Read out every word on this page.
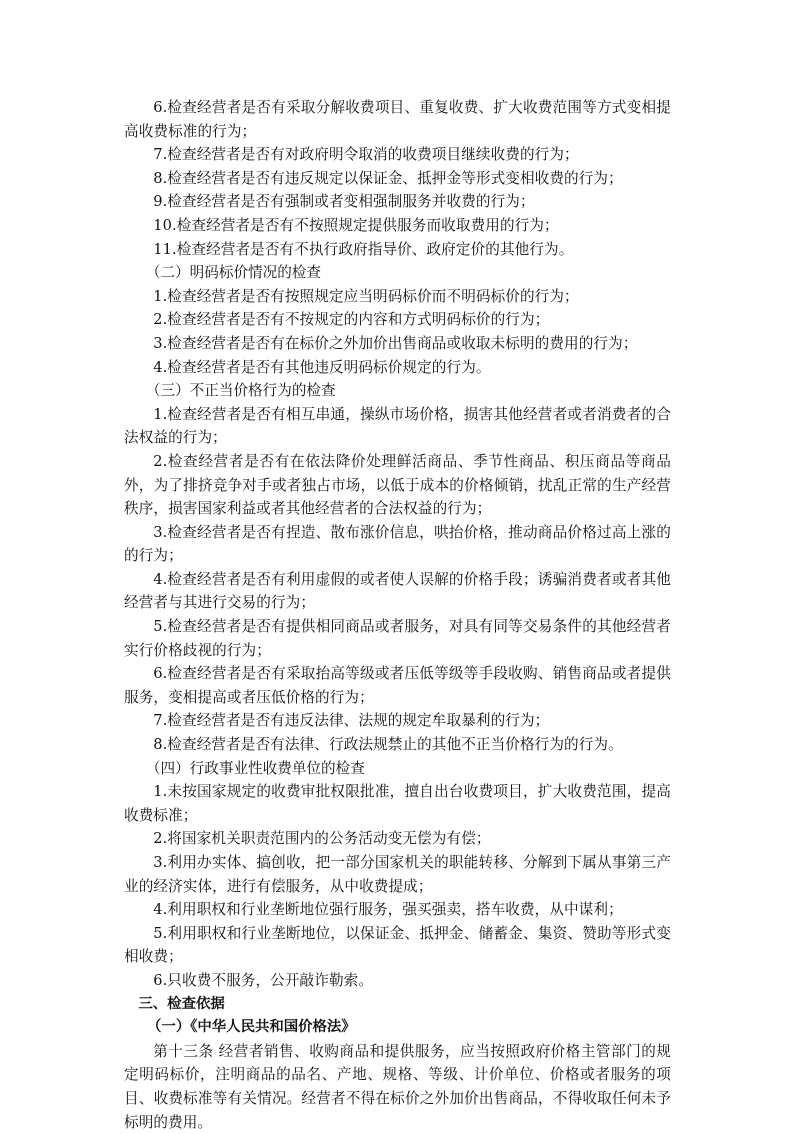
6.检查经营者是否有采取分解收费项目、重复收费、扩大收费范围等方式变相提高收费标准的行为；

7.检查经营者是否有对政府明令取消的收费项目继续收费的行为；

8.检查经营者是否有违反规定以保证金、抵押金等形式变相收费的行为；

9.检查经营者是否有强制或者变相强制服务并收费的行为；

10.检查经营者是否有不按照规定提供服务而收取费用的行为；

11.检查经营者是否有不执行政府指导价、政府定价的其他行为。

（二）明码标价情况的检查

1.检查经营者是否有按照规定应当明码标价而不明码标价的行为；

2.检查经营者是否有不按规定的内容和方式明码标价的行为；

3.检查经营者是否有在标价之外加价出售商品或收取未标明的费用的行为；

4.检查经营者是否有其他违反明码标价规定的行为。

（三）不正当价格行为的检查

1.检查经营者是否有相互串通，操纵市场价格，损害其他经营者或者消费者的合法权益的行为；

2.检查经营者是否有在依法降价处理鲜活商品、季节性商品、积压商品等商品外，为了排挤竞争对手或者独占市场，以低于成本的价格倾销，扰乱正常的生产经营秩序，损害国家利益或者其他经营者的合法权益的行为；

3.检查经营者是否有捏造、散布涨价信息，哄抬价格，推动商品价格过高上涨的的行为；

4.检查经营者是否有利用虚假的或者使人误解的价格手段；诱骗消费者或者其他经营者与其进行交易的行为；

5.检查经营者是否有提供相同商品或者服务，对具有同等交易条件的其他经营者实行价格歧视的行为；

6.检查经营者是否有采取抬高等级或者压低等级等手段收购、销售商品或者提供服务，变相提高或者压低价格的行为；

7.检查经营者是否有违反法律、法规的规定牟取暴利的行为；

8.检查经营者是否有法律、行政法规禁止的其他不正当价格行为的行为。

（四）行政事业性收费单位的检查

1.未按国家规定的收费审批权限批准，擅自出台收费项目，扩大收费范围，提高收费标准；

2.将国家机关职责范围内的公务活动变无偿为有偿；

3.利用办实体、搞创收，把一部分国家机关的职能转移、分解到下属从事第三产业的经济实体，进行有偿服务，从中收费提成；

4.利用职权和行业垄断地位强行服务，强买强卖，搭车收费，从中谋利；

5.利用职权和行业垄断地位，以保证金、抵押金、储蓄金、集资、赞助等形式变相收费；

6.只收费不服务，公开敲诈勒索。

三、检查依据

（一）《中华人民共和国价格法》

第十三条 经营者销售、收购商品和提供服务，应当按照政府价格主管部门的规定明码标价，注明商品的品名、产地、规格、等级、计价单位、价格或者服务的项目、收费标准等有关情况。经营者不得在标价之外加价出售商品，不得收取任何未予标明的费用。
